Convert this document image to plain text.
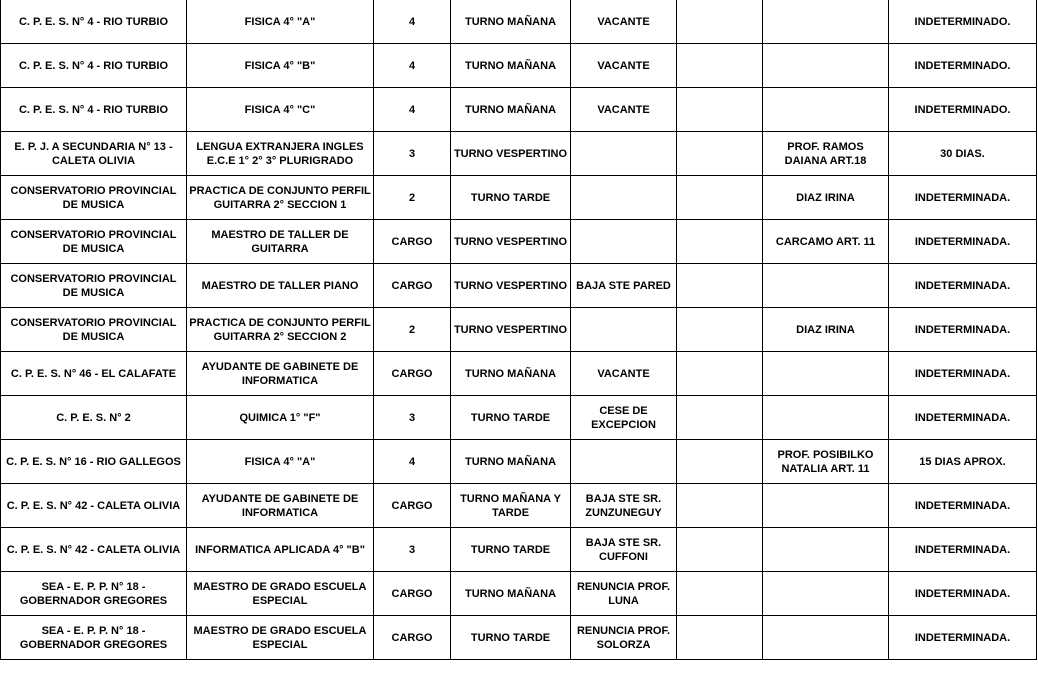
C. P. E. S. N° 4 - RIO TURBIO	FISICA 4° "A"	4	TURNO MAÑANA	VACANTE			INDETERMINADO.
C. P. E. S. N° 4 - RIO TURBIO	FISICA 4° "B"	4	TURNO MAÑANA	VACANTE			INDETERMINADO.
C. P. E. S. N° 4 - RIO TURBIO	FISICA 4° "C"	4	TURNO MAÑANA	VACANTE			INDETERMINADO.
E. P. J. A SECUNDARIA N° 13 - CALETA OLIVIA	LENGUA EXTRANJERA INGLES E.C.E 1° 2° 3° PLURIGRADO	3	TURNO VESPERTINO			PROF. RAMOS DAIANA ART.18	30 DIAS.
CONSERVATORIO PROVINCIAL DE MUSICA	PRACTICA DE CONJUNTO PERFIL GUITARRA 2° SECCION 1	2	TURNO TARDE			DIAZ IRINA	INDETERMINADA.
CONSERVATORIO PROVINCIAL DE MUSICA	MAESTRO DE TALLER DE GUITARRA	CARGO	TURNO VESPERTINO			CARCAMO ART. 11	INDETERMINADA.
CONSERVATORIO PROVINCIAL DE MUSICA	MAESTRO DE TALLER PIANO	CARGO	TURNO VESPERTINO	BAJA STE PARED			INDETERMINADA.
CONSERVATORIO PROVINCIAL DE MUSICA	PRACTICA DE CONJUNTO PERFIL GUITARRA 2° SECCION 2	2	TURNO VESPERTINO			DIAZ IRINA	INDETERMINADA.
C. P. E. S. N° 46 - EL CALAFATE	AYUDANTE DE GABINETE DE INFORMATICA	CARGO	TURNO MAÑANA	VACANTE			INDETERMINADA.
C. P. E. S. N° 2	QUIMICA 1° "F"	3	TURNO TARDE	CESE DE EXCEPCION			INDETERMINADA.
C. P. E. S. N° 16 - RIO GALLEGOS	FISICA 4° "A"	4	TURNO MAÑANA			PROF. POSIBILKO NATALIA ART. 11	15 DIAS APROX.
C. P. E. S. N° 42 - CALETA OLIVIA	AYUDANTE DE GABINETE DE INFORMATICA	CARGO	TURNO MAÑANA Y TARDE	BAJA STE SR. ZUNZUNEGUY			INDETERMINADA.
C. P. E. S. N° 42 - CALETA OLIVIA	INFORMATICA APLICADA 4° "B"	3	TURNO TARDE	BAJA STE SR. CUFFONI			INDETERMINADA.
SEA - E. P. P. N° 18 - GOBERNADOR GREGORES	MAESTRO DE GRADO ESCUELA ESPECIAL	CARGO	TURNO MAÑANA	RENUNCIA PROF. LUNA			INDETERMINADA.
SEA - E. P. P. N° 18 - GOBERNADOR GREGORES	MAESTRO DE GRADO ESCUELA ESPECIAL	CARGO	TURNO TARDE	RENUNCIA PROF. SOLORZA			INDETERMINADA.
